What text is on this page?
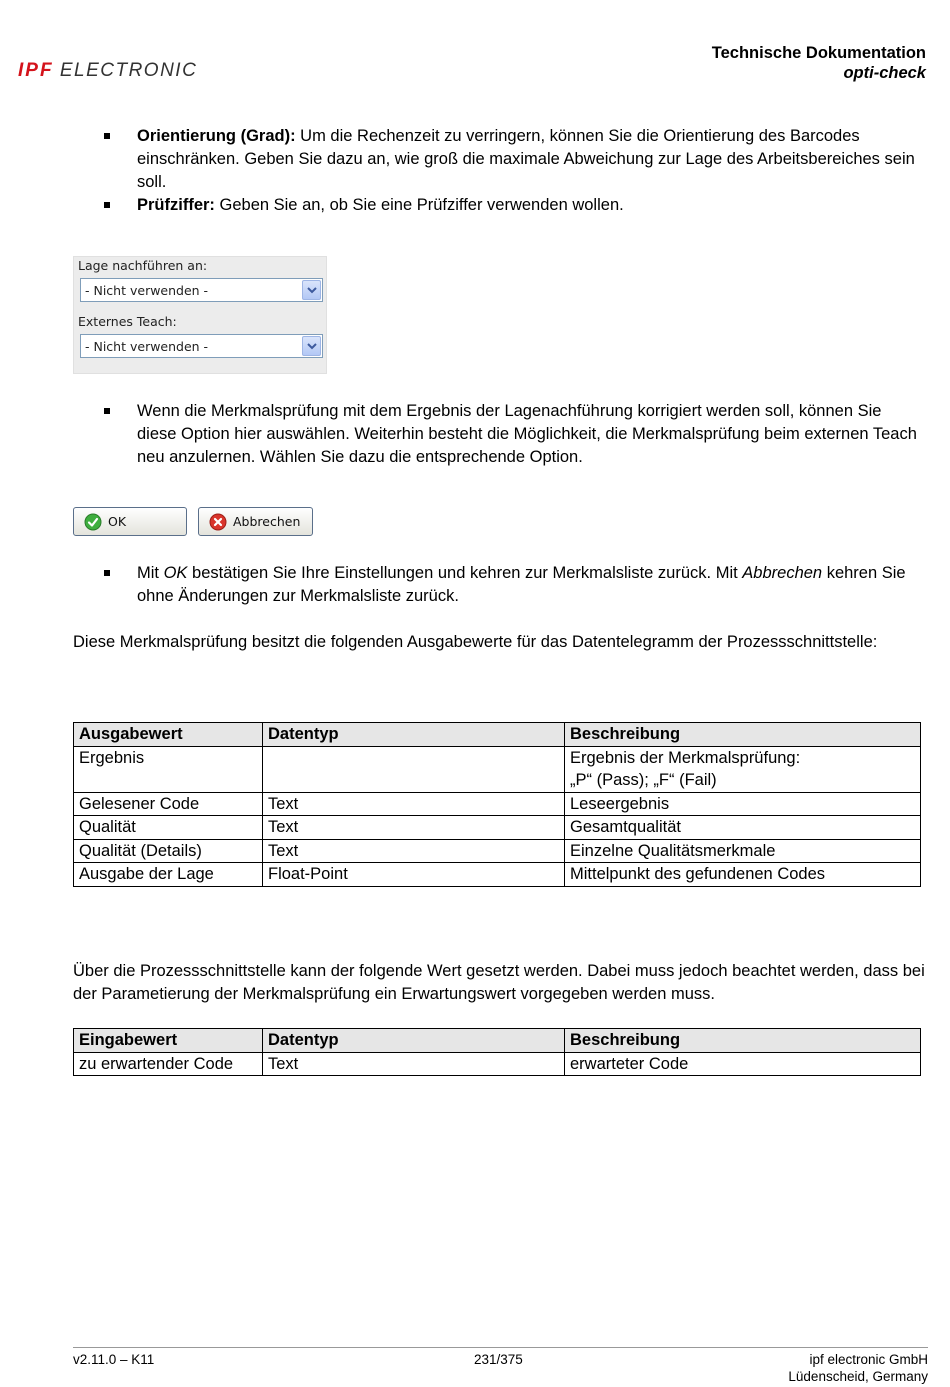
IPF ELECTRONIC
Technische Dokumentation
opti-check
Orientierung (Grad): Um die Rechenzeit zu verringern, können Sie die Orientierung des Barcodes einschränken. Geben Sie dazu an, wie groß die maximale Abweichung zur Lage des Arbeitsbereiches sein soll.
Prüfziffer: Geben Sie an, ob Sie eine Prüfziffer verwenden wollen.
Lage nachführen an:
- Nicht verwenden -
Externes Teach:
- Nicht verwenden -
Wenn die Merkmalsprüfung mit dem Ergebnis der Lagenachführung korrigiert werden soll, können Sie diese Option hier auswählen. Weiterhin besteht die Möglichkeit, die Merkmalsprüfung beim externen Teach neu anzulernen. Wählen Sie dazu die entsprechende Option.
OK	Abbrechen
Mit OK bestätigen Sie Ihre Einstellungen und kehren zur Merkmalsliste zurück. Mit Abbrechen kehren Sie ohne Änderungen zur Merkmalsliste zurück.

Diese Merkmalsprüfung besitzt die folgenden Ausgabewerte für das Datentelegramm der Prozessschnittstelle:

Ausgabewert	Datentyp	Beschreibung
Ergebnis		Ergebnis der Merkmalsprüfung:
„P“ (Pass); „F“ (Fail)

Gelesener Code	Text	Leseergebnis
Qualität	Text	Gesamtqualität
Qualität (Details)	Text	Einzelne Qualitätsmerkmale
Ausgabe der Lage	Float-Point	Mittelpunkt des gefundenen Codes

Über die Prozessschnittstelle kann der folgende Wert gesetzt werden. Dabei muss jedoch beachtet werden, dass bei der Parametierung der Merkmalsprüfung ein Erwartungswert vorgegeben werden muss.

Eingabewert	Datentyp	Beschreibung
zu erwartender Code	Text	erwarteter Code
v2.11.0 – K11	231/375	ipf electronic GmbH
Lüdenscheid, Germany
